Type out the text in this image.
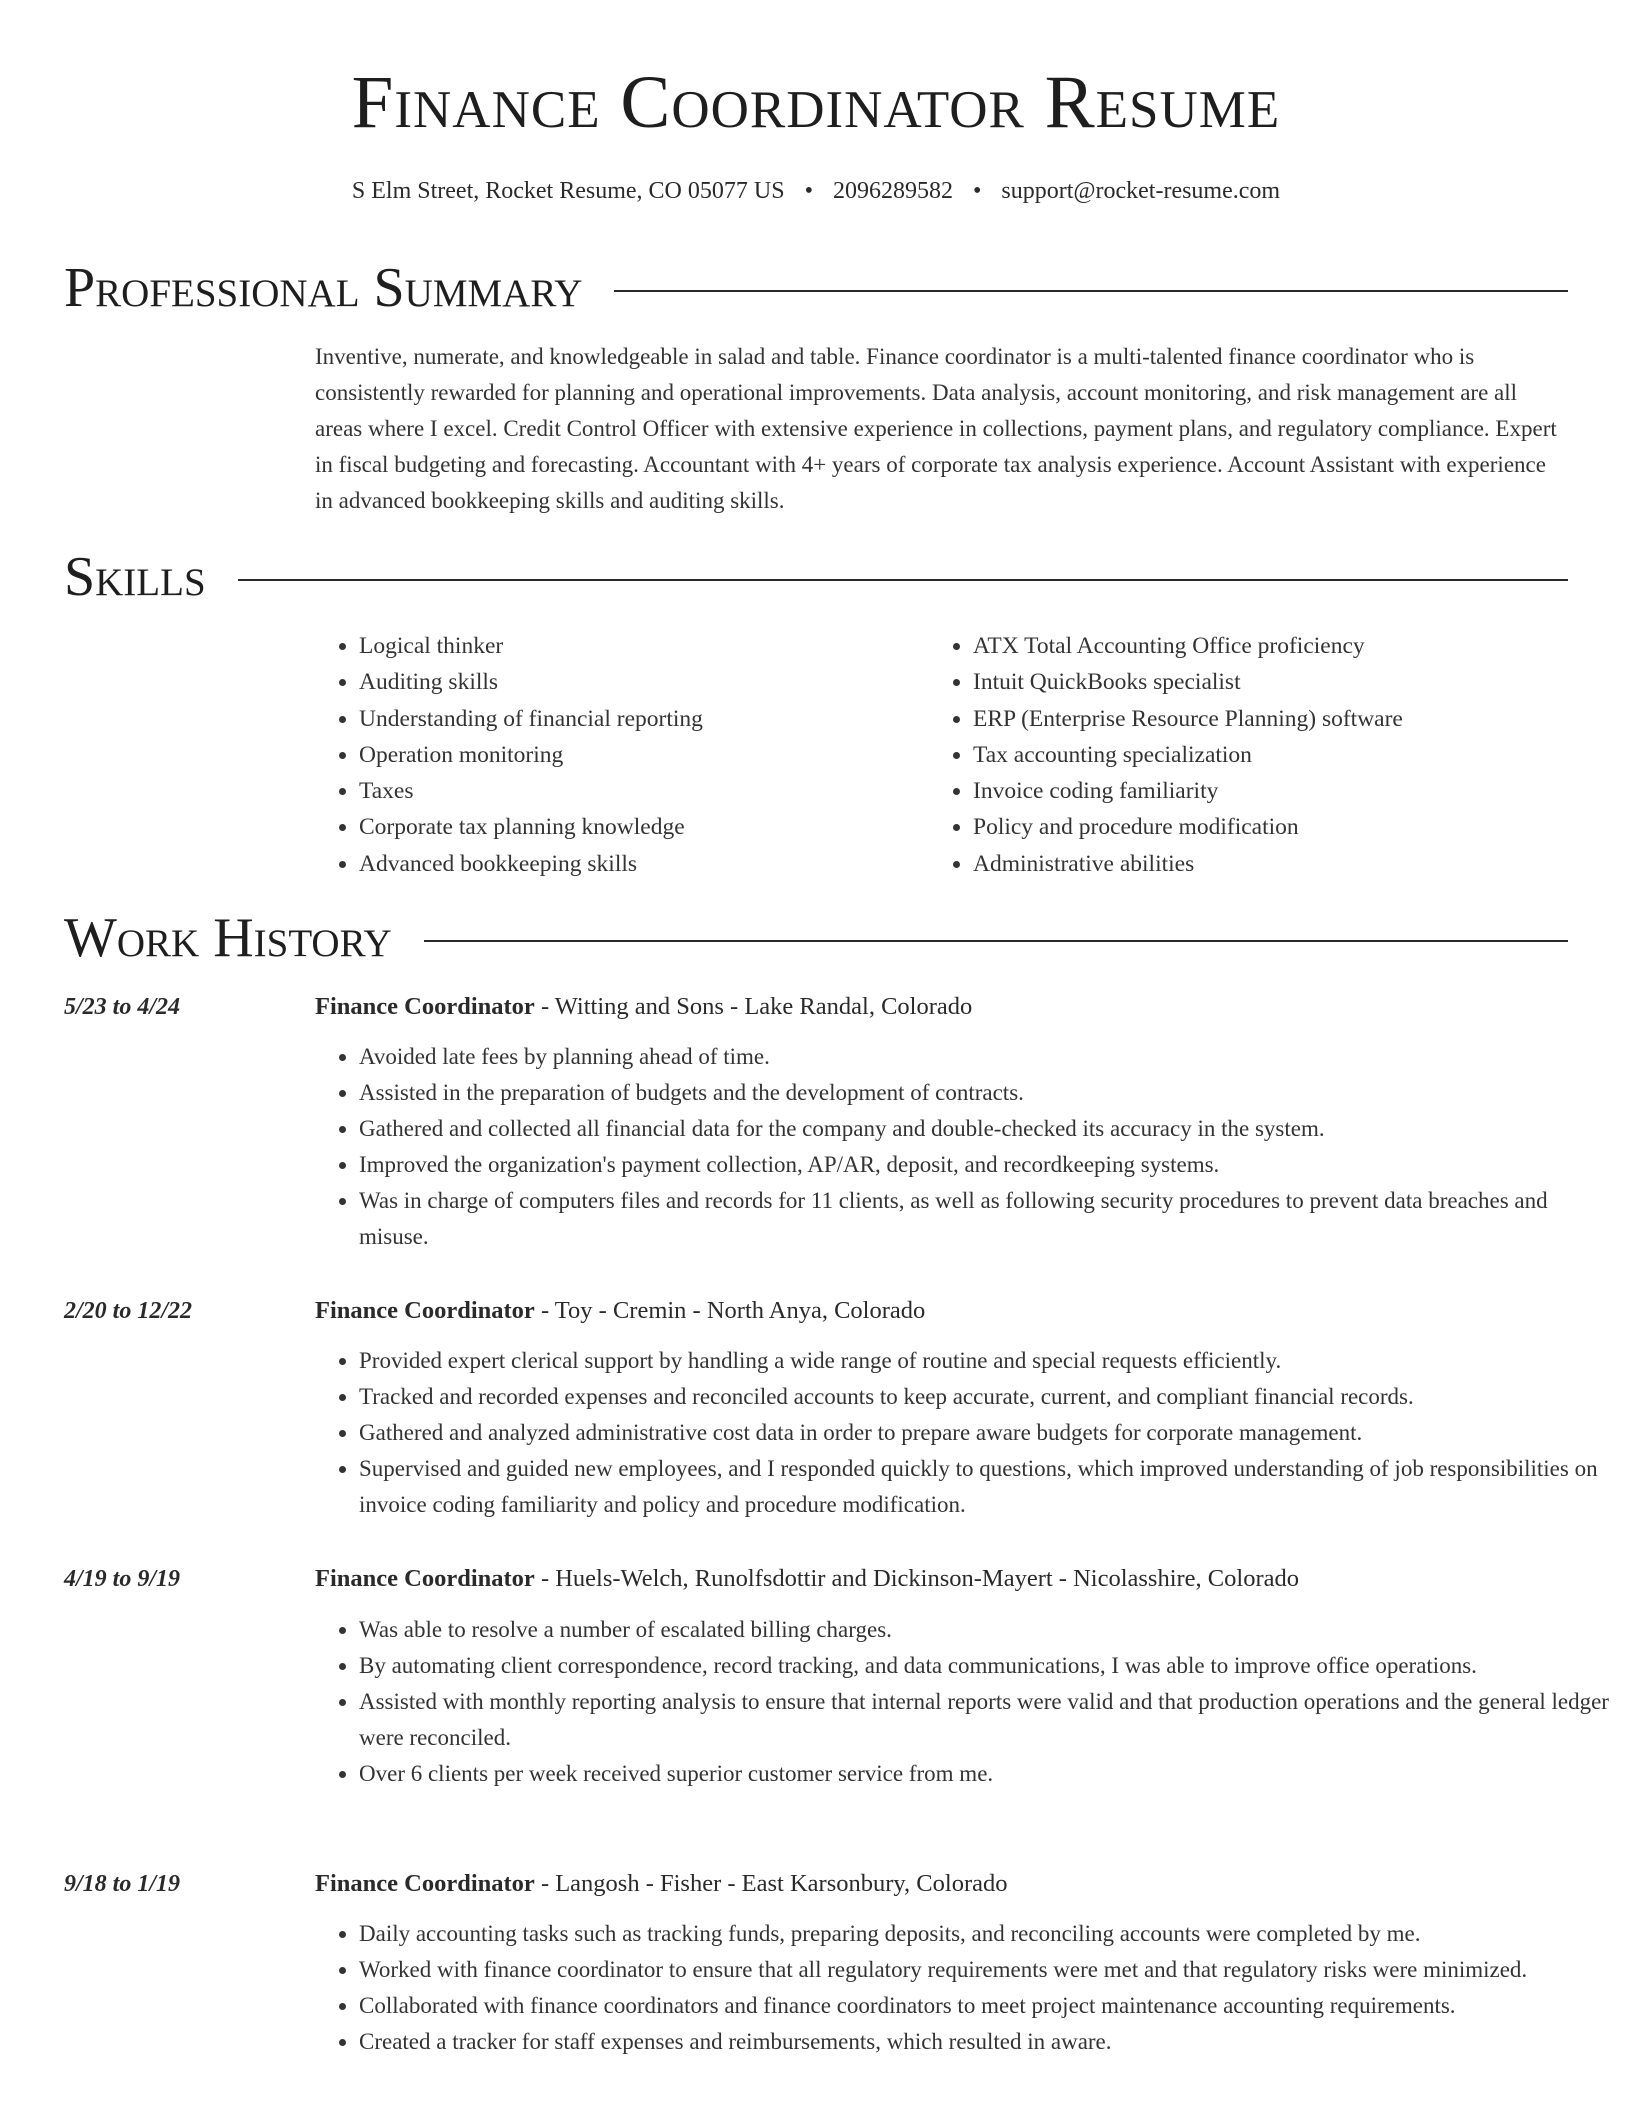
Finance Coordinator Resume
S Elm Street, Rocket Resume, CO 05077 US • 2096289582 • support@rocket-resume.com
Professional Summary

Inventive, numerate, and knowledgeable in salad and table. Finance coordinator is a multi-talented finance coordinator who is consistently rewarded for planning and operational improvements. Data analysis, account monitoring, and risk management are all areas where I excel. Credit Control Officer with extensive experience in collections, payment plans, and regulatory compliance. Expert in fiscal budgeting and forecasting. Accountant with 4+ years of corporate tax analysis experience. Account Assistant with experience in advanced bookkeeping skills and auditing skills.

Skills
• Logical thinker
• Auditing skills
• Understanding of financial reporting
• Operation monitoring
• Taxes
• Corporate tax planning knowledge
• Advanced bookkeeping skills
• ATX Total Accounting Office proficiency
• Intuit QuickBooks specialist
• ERP (Enterprise Resource Planning) software
• Tax accounting specialization
• Invoice coding familiarity
• Policy and procedure modification
• Administrative abilities
Work History
5/23 to 4/24	Finance Coordinator - Witting and Sons - Lake Randal, Colorado
• Avoided late fees by planning ahead of time.
• Assisted in the preparation of budgets and the development of contracts.
• Gathered and collected all financial data for the company and double-checked its accuracy in the system.
• Improved the organization's payment collection, AP/AR, deposit, and recordkeeping systems.
• Was in charge of computers files and records for 11 clients, as well as following security procedures to prevent data breaches and misuse.
2/20 to 12/22	Finance Coordinator - Toy - Cremin - North Anya, Colorado
• Provided expert clerical support by handling a wide range of routine and special requests efficiently.
• Tracked and recorded expenses and reconciled accounts to keep accurate, current, and compliant financial records.
• Gathered and analyzed administrative cost data in order to prepare aware budgets for corporate management.
• Supervised and guided new employees, and I responded quickly to questions, which improved understanding of job responsibilities on invoice coding familiarity and policy and procedure modification.
4/19 to 9/19	Finance Coordinator - Huels-Welch, Runolfsdottir and Dickinson-Mayert - Nicolasshire, Colorado
• Was able to resolve a number of escalated billing charges.
• By automating client correspondence, record tracking, and data communications, I was able to improve office operations.
• Assisted with monthly reporting analysis to ensure that internal reports were valid and that production operations and the general ledger were reconciled.
• Over 6 clients per week received superior customer service from me.
9/18 to 1/19	Finance Coordinator - Langosh - Fisher - East Karsonbury, Colorado
• Daily accounting tasks such as tracking funds, preparing deposits, and reconciling accounts were completed by me.
• Worked with finance coordinator to ensure that all regulatory requirements were met and that regulatory risks were minimized.
• Collaborated with finance coordinators and finance coordinators to meet project maintenance accounting requirements.
• Created a tracker for staff expenses and reimbursements, which resulted in aware.
